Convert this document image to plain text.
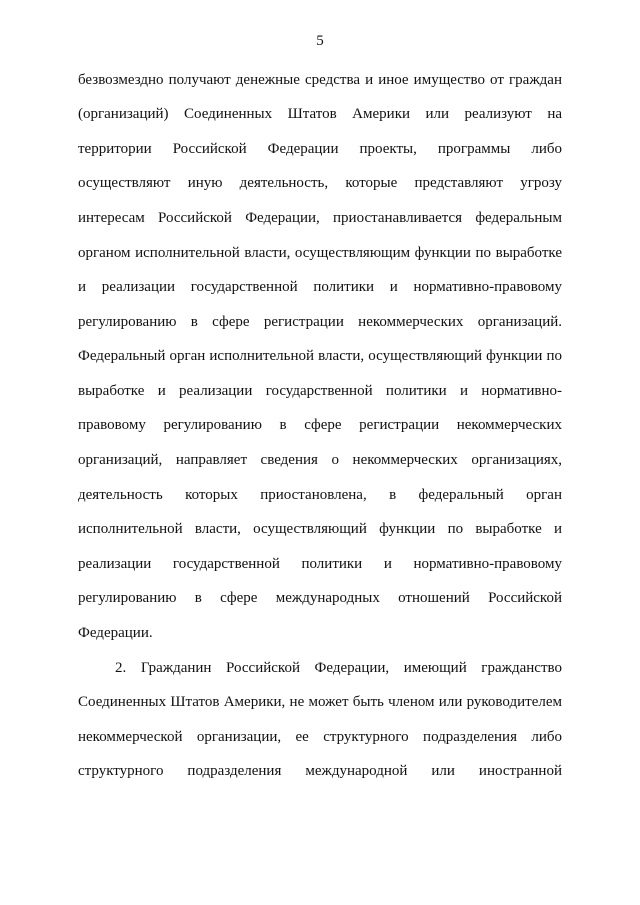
5
безвозмездно получают денежные средства и иное имущество от граждан
(организаций) Соединенных Штатов Америки или реализуют на
территории Российской Федерации проекты, программы либо
осуществляют иную деятельность, которые представляют угрозу
интересам Российской Федерации, приостанавливается федеральным
органом исполнительной власти, осуществляющим функции по выработке
и реализации государственной политики и нормативно-правовому
регулированию в сфере регистрации некоммерческих организаций.
Федеральный орган исполнительной власти, осуществляющий функции по
выработке и реализации государственной политики и нормативно-
правовому регулированию в сфере регистрации некоммерческих
организаций, направляет сведения о некоммерческих организациях,
деятельность которых приостановлена, в федеральный орган
исполнительной власти, осуществляющий функции по выработке и
реализации государственной политики и нормативно-правовому
регулированию в сфере международных отношений Российской
Федерации.
2. Гражданин Российской Федерации, имеющий гражданство
Соединенных Штатов Америки, не может быть членом или руководителем
некоммерческой организации, ее структурного подразделения либо
структурного подразделения международной или иностранной
